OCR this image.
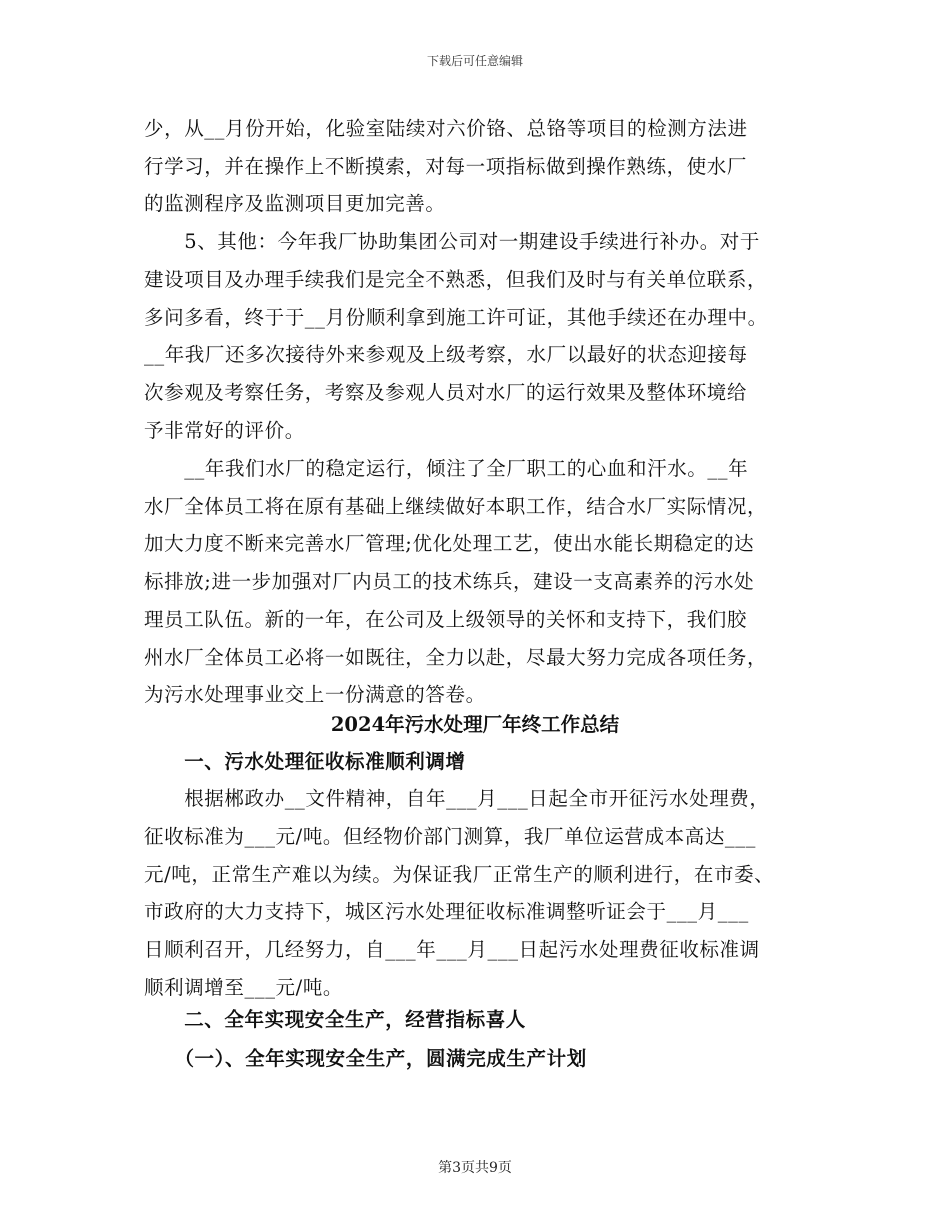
下载后可任意编辑
少，从__月份开始，化验室陆续对六价铬、总铬等项目的检测方法进
行学习，并在操作上不断摸索，对每一项指标做到操作熟练，使水厂
的监测程序及监测项目更加完善。
　　5、其他：今年我厂协助集团公司对一期建设手续进行补办。对于
建设项目及办理手续我们是完全不熟悉，但我们及时与有关单位联系，
多问多看，终于于__月份顺利拿到施工许可证，其他手续还在办理中。
__年我厂还多次接待外来参观及上级考察，水厂以最好的状态迎接每
次参观及考察任务，考察及参观人员对水厂的运行效果及整体环境给
予非常好的评价。
　　__年我们水厂的稳定运行，倾注了全厂职工的心血和汗水。__年
水厂全体员工将在原有基础上继续做好本职工作，结合水厂实际情况，
加大力度不断来完善水厂管理;优化处理工艺，使出水能长期稳定的达
标排放;进一步加强对厂内员工的技术练兵，建设一支高素养的污水处
理员工队伍。新的一年，在公司及上级领导的关怀和支持下，我们胶
州水厂全体员工必将一如既往，全力以赴，尽最大努力完成各项任务，
为污水处理事业交上一份满意的答卷。
2024年污水处理厂年终工作总结
　　一、污水处理征收标准顺利调增
　　根据郴政办__文件精神，自年___月___日起全市开征污水处理费，
征收标准为___元/吨。但经物价部门测算，我厂单位运营成本高达___
元/吨，正常生产难以为续。为保证我厂正常生产的顺利进行，在市委、
市政府的大力支持下，城区污水处理征收标准调整听证会于___月___
日顺利召开，几经努力，自___年___月___日起污水处理费征收标准调
顺利调增至___元/吨。
　　二、全年实现安全生产，经营指标喜人
　　（一）、全年实现安全生产，圆满完成生产计划
第3页共9页
